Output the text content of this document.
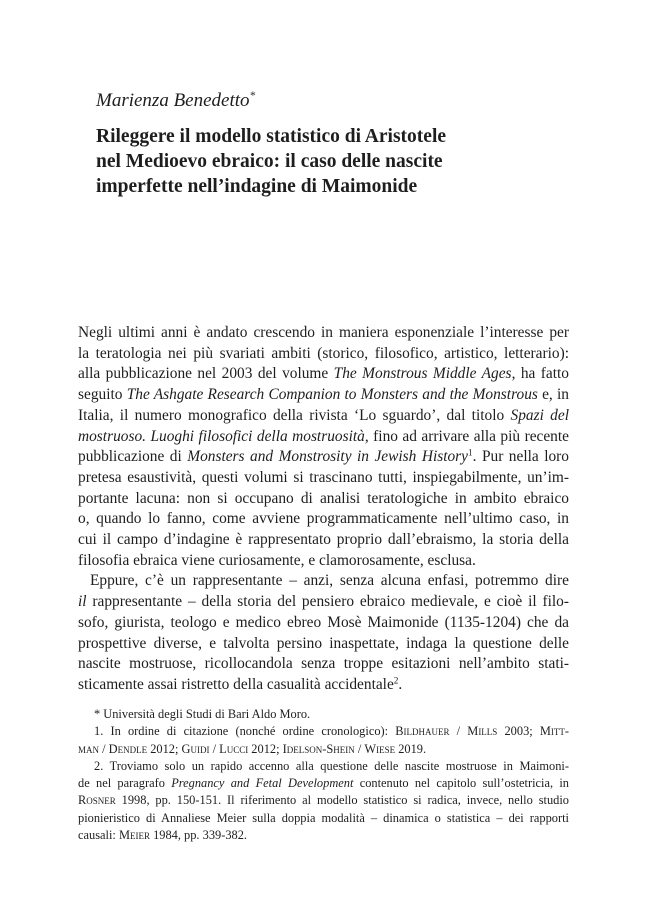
Marienza Benedetto*
Rileggere il modello statistico di Aristotele
nel Medioevo ebraico: il caso delle nascite
imperfette nell’indagine di Maimonide
Negli ultimi anni è andato crescendo in maniera esponenziale l’interesse per
la teratologia nei più svariati ambiti (storico, filosofico, artistico, letterario):
alla pubblicazione nel 2003 del volume The Monstrous Middle Ages, ha fatto
seguito The Ashgate Research Companion to Monsters and the Monstrous e, in
Italia, il numero monografico della rivista ‘Lo sguardo’, dal titolo Spazi del
mostruoso. Luoghi filosofici della mostruosità, fino ad arrivare alla più recente
pubblicazione di Monsters and Monstrosity in Jewish History$^1$. Pur nella loro
pretesa esaustività, questi volumi si trascinano tutti, inspiegabilmente, un’im-
portante lacuna: non si occupano di analisi teratologiche in ambito ebraico
o, quando lo fanno, come avviene programmaticamente nell’ultimo caso, in
cui il campo d’indagine è rappresentato proprio dall’ebraismo, la storia della
filosofia ebraica viene curiosamente, e clamorosamente, esclusa.
Eppure, c’è un rappresentante – anzi, senza alcuna enfasi, potremmo dire
il rappresentante – della storia del pensiero ebraico medievale, e cioè il filo-
sofo, giurista, teologo e medico ebreo Mosè Maimonide (1135-1204) che da
prospettive diverse, e talvolta persino inaspettate, indaga la questione delle
nascite mostruose, ricollocandola senza troppe esitazioni nell’ambito stati-
sticamente assai ristretto della casualità accidentale$^2$.
* Università degli Studi di Bari Aldo Moro.
1. In ordine di citazione (nonché ordine cronologico): Bildhauer / Mills 2003; Mitt-
man / Dendle 2012; Guidi / Lucci 2012; Idelson-Shein / Wiese 2019.
2. Troviamo solo un rapido accenno alla questione delle nascite mostruose in Maimoni-
de nel paragrafo Pregnancy and Fetal Development contenuto nel capitolo sull’ostetricia, in
Rosner 1998, pp. 150-151. Il riferimento al modello statistico si radica, invece, nello studio
pionieristico di Annaliese Meier sulla doppia modalità – dinamica o statistica – dei rapporti
causali: Meier 1984, pp. 339-382.
